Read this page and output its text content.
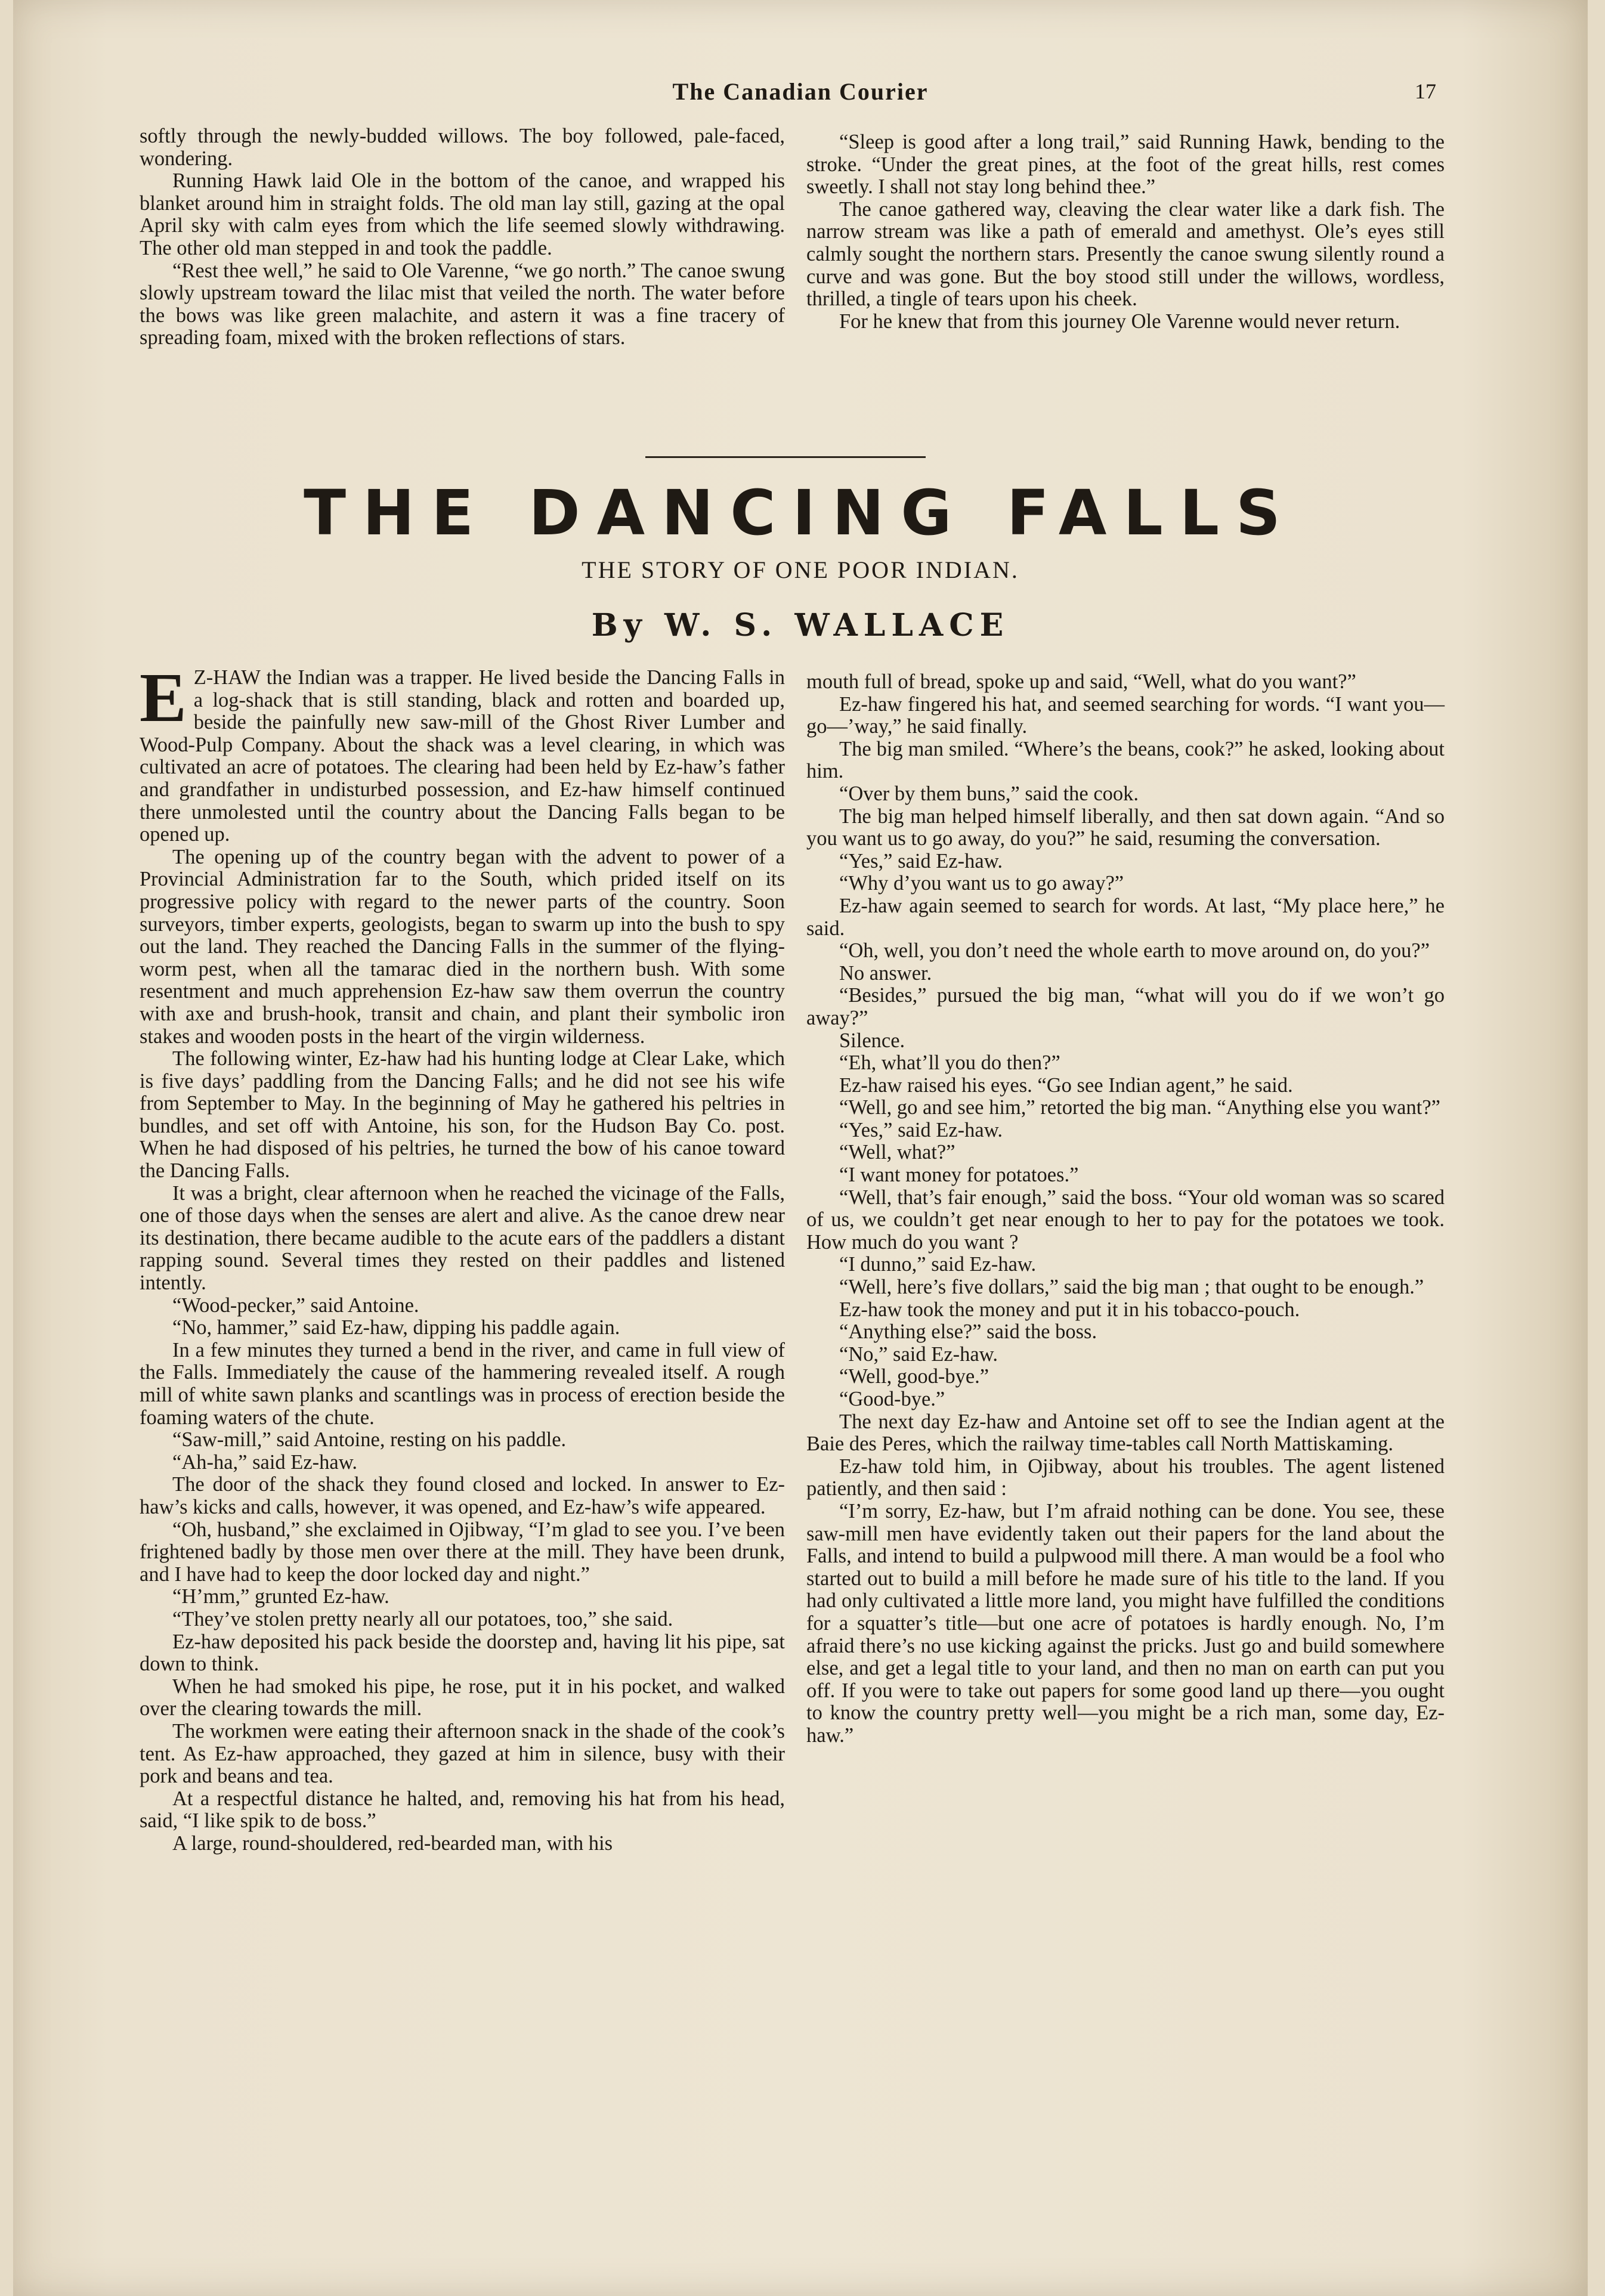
The Canadian Courier	17

softly through the newly-budded willows. The boy followed, pale-faced, wondering.

Running Hawk laid Ole in the bottom of the canoe, and wrapped his blanket around him in straight folds. The old man lay still, gazing at the opal April sky with calm eyes from which the life seemed slowly withdrawing. The other old man stepped in and took the paddle.

“Rest thee well,” he said to Ole Varenne, “we go north.” The canoe swung slowly upstream toward the lilac mist that veiled the north. The water before the bows was like green malachite, and astern it was a fine tracery of spreading foam, mixed with the broken reflections of stars.

“Sleep is good after a long trail,” said Running Hawk, bending to the stroke. “Under the great pines, at the foot of the great hills, rest comes sweetly. I shall not stay long behind thee.”

The canoe gathered way, cleaving the clear water like a dark fish. The narrow stream was like a path of emerald and amethyst. Ole’s eyes still calmly sought the northern stars. Presently the canoe swung silently round a curve and was gone. But the boy stood still under the willows, wordless, thrilled, a tingle of tears upon his cheek.

For he knew that from this journey Ole Varenne would never return.

THE DANCING FALLS
THE STORY OF ONE POOR INDIAN.
By W. S. WALLACE

E Z-HAW the Indian was a trapper. He lived beside the Dancing Falls in a log-shack that is still standing, black and rotten and boarded up, beside the painfully new saw-mill of the Ghost River Lumber and Wood-Pulp Company. About the shack was a level clearing, in which was cultivated an acre of potatoes. The clearing had been held by Ez-haw’s father and grandfather in undisturbed possession, and Ez-haw himself continued there unmolested until the country about the Dancing Falls began to be opened up.

The opening up of the country began with the advent to power of a Provincial Administration far to the South, which prided itself on its progressive policy with regard to the newer parts of the country. Soon surveyors, timber experts, geologists, began to swarm up into the bush to spy out the land. They reached the Dancing Falls in the summer of the flying-worm pest, when all the tamarac died in the northern bush. With some resentment and much apprehension Ez-haw saw them overrun the country with axe and brush-hook, transit and chain, and plant their symbolic iron stakes and wooden posts in the heart of the virgin wilderness.

The following winter, Ez-haw had his hunting lodge at Clear Lake, which is five days’ paddling from the Dancing Falls; and he did not see his wife from September to May. In the beginning of May he gathered his peltries in bundles, and set off with Antoine, his son, for the Hudson Bay Co. post. When he had disposed of his peltries, he turned the bow of his canoe toward the Dancing Falls.

It was a bright, clear afternoon when he reached the vicinage of the Falls, one of those days when the senses are alert and alive. As the canoe drew near its destination, there became audible to the acute ears of the paddlers a distant rapping sound. Several times they rested on their paddles and listened intently.

“Wood-pecker,” said Antoine.

“No, hammer,” said Ez-haw, dipping his paddle again.

In a few minutes they turned a bend in the river, and came in full view of the Falls. Immediately the cause of the hammering revealed itself. A rough mill of white sawn planks and scantlings was in process of erection beside the foaming waters of the chute.

“Saw-mill,” said Antoine, resting on his paddle.

“Ah-ha,” said Ez-haw.

The door of the shack they found closed and locked. In answer to Ez-haw’s kicks and calls, however, it was opened, and Ez-haw’s wife appeared.

“Oh, husband,” she exclaimed in Ojibway, “I’m glad to see you. I’ve been frightened badly by those men over there at the mill. They have been drunk, and I have had to keep the door locked day and night.”

“H’mm,” grunted Ez-haw.

“They’ve stolen pretty nearly all our potatoes, too,” she said.

Ez-haw deposited his pack beside the doorstep and, having lit his pipe, sat down to think.

When he had smoked his pipe, he rose, put it in his pocket, and walked over the clearing towards the mill.

The workmen were eating their afternoon snack in the shade of the cook’s tent. As Ez-haw approached, they gazed at him in silence, busy with their pork and beans and tea.

At a respectful distance he halted, and, removing his hat from his head, said, “I like spik to de boss.”

A large, round-shouldered, red-bearded man, with his

mouth full of bread, spoke up and said, “Well, what do you want?”

Ez-haw fingered his hat, and seemed searching for words. “I want you—go—’way,” he said finally.

The big man smiled. “Where’s the beans, cook?” he asked, looking about him.

“Over by them buns,” said the cook.

The big man helped himself liberally, and then sat down again. “And so you want us to go away, do you?” he said, resuming the conversation.

“Yes,” said Ez-haw.

“Why d’you want us to go away?”

Ez-haw again seemed to search for words. At last, “My place here,” he said.

“Oh, well, you don’t need the whole earth to move around on, do you?”

No answer.

“Besides,” pursued the big man, “what will you do if we won’t go away?”

Silence.

“Eh, what’ll you do then?”

Ez-haw raised his eyes. “Go see Indian agent,” he said.

“Well, go and see him,” retorted the big man. “Anything else you want?”

“Yes,” said Ez-haw.

“Well, what?”

“I want money for potatoes.”

“Well, that’s fair enough,” said the boss. “Your old woman was so scared of us, we couldn’t get near enough to her to pay for the potatoes we took. How much do you want ?

“I dunno,” said Ez-haw.

“Well, here’s five dollars,” said the big man ; that ought to be enough.”

Ez-haw took the money and put it in his tobacco-pouch.

“Anything else?” said the boss.

“No,” said Ez-haw.

“Well, good-bye.”

“Good-bye.”

The next day Ez-haw and Antoine set off to see the Indian agent at the Baie des Peres, which the railway time-tables call North Mattiskaming.

Ez-haw told him, in Ojibway, about his troubles. The agent listened patiently, and then said :

“I’m sorry, Ez-haw, but I’m afraid nothing can be done. You see, these saw-mill men have evidently taken out their papers for the land about the Falls, and intend to build a pulpwood mill there. A man would be a fool who started out to build a mill before he made sure of his title to the land. If you had only cultivated a little more land, you might have fulfilled the conditions for a squatter’s title—but one acre of potatoes is hardly enough. No, I’m afraid there’s no use kicking against the pricks. Just go and build somewhere else, and get a legal title to your land, and then no man on earth can put you off. If you were to take out papers for some good land up there—you ought to know the country pretty well—you might be a rich man, some day, Ez-haw.”
